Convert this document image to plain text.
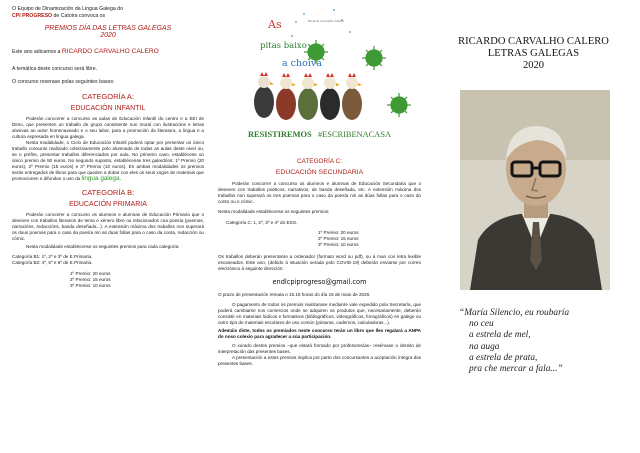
O Equipo de Dinamización da Lingua Galega do
CPI PROGRESO de Catoira convoca os

PREMIOS DÍA DAS LETRAS GALEGAS

2020

Este ano adicamos a RICARDO CARVALHO CALERO

A temática deste concurso será libre.

O concurso rexerase polas seguintes bases:

CATEGORÍA A:

EDUCACIÓN INFANTIL

Poderán concorrer a concurso as aulas de Educación Infantil do centro e a EEI de Dimo, que presenten un traballo de grupo consistente nun mural con ilustracións e letras alusivas ao autor homenaxeado e o seu labor, para a promoción da literatura, a lingua e a cultura expresada en lingua galega.

Nesta modalidade, o Ciclo de Educación Infantil poderá optar por presentar un único traballo conxunto realizado colectivamente polo alumnado de todas as aulas deste nivel ou, se o prefire, presentar traballos diferenciados por aula. No primeiro caso, establécese un único premio de 50 euros. No segundo suposto, establécense tres galardóns: 1º Premio (20 euros), 2º Premio (15 euros) e 3º Premio (10 euros). En ambas modalidades os premios serán entregados de libros para que queden a dobar con eles os seus xogos de materiais que promocionen e difundan o uso da lingua galega.

CATEGORÍA B:

EDUCACIÓN PRIMARIA

Poderán concorrer a concurso os alumnos e alumnas de Educación Primaria que o desexen con traballos literarios de tema e xénero libre ou relacionados coa poesía (poemas, narracións, redaccións, banda deseñada...). A extensión máxima dos traballos non superará os dous poemas para o caso da poesía nin as duas follas para o caso da conta, redacción ou cómic.

Nesta modalidade establécense os seguintes premios para cada categoría:

Categoría B1: 1º, 2º e 3º de E.Primaria.

Categoría B2: 4º, 5º e 6º de E.Primaria.

1º Premio: 20 euros

2º Premio: 15 euros

3º Premio: 10 euros

As
pitas baixo
a choiva
Ricardo Carvalho Calero

RESISTIREMOS #ESCRIBENACASA

CATEGORÍA C:

EDUCACIÓN SECUNDARIA

Poderán concorrer a concurso os alumnos e alumnas de Educación Secundaria que o desexen con traballos poéticos, narrativos, de banda deseñada, etc. A extensión máxima dos traballos non superará os tres poemas para o caso da poesía nin as dúas follas para o caso do conto ou o cómic.

Nesta modalidade establécense os seguintes premios:

Categoría C: 1, 2º, 3º e 4º do ESO.

1º Premio: 20 euros

2º Premio: 15 euros

3º Premio: 10 euros

Os traballos deberán presentarse a ordenador (formato word ou pdf), ou á man con letra lexible escaneados. Este ano, (debido á situación xerada polo COVID-19) deberán enviarse por correo electrónico á seguinte dirección:

endlcpiprogreso@gmail.com

O prazo de presentación remata o 15.15 horas do día 15 de maio de 2020.

O pagamento de todos os premios realizarase mediante vale expedido pola Secretaría, que poderá cambiarse nos comercios onde se adquiren os produtos que, necesariamente, deberán consistir en materiais lúdicos e formativos (bibliográficos, videográficos, fonográficos) en galego ou outro tipo de materiais escolares de uso común (pinturas, cadernos, calculadoras...).

Ademáis diste, todos os premiados neste concurso terán un libro que lles regalará a ANPA do noso colexio para agradecer a súa participación.

O xurado destes premios –que estará formado por profesores/as– resérvase o dereito de interpretación das presentes bases.

A presentación a estes premios implica por parte dos concursantes a aceptación íntegra das presentes bases.

RICARDO CARVALHO CALERO

LETRAS GALEGAS

2020

“María Silencio, eu roubaría

no ceu

a estrela de mel,

na auga

a estrela de prata,

pra che mercar a fala...”
